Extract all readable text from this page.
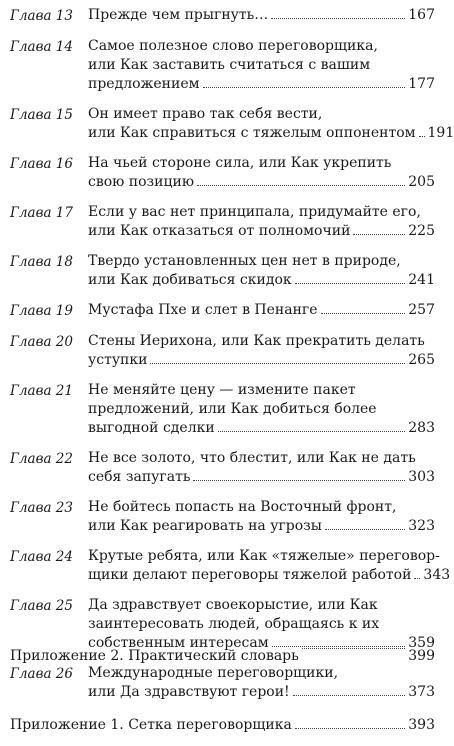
Глава 13	Прежде чем прыгнуть…	167
Глава 14	Самое полезное слово переговорщика,
или Как заставить считаться с вашим
предложением	177
Глава 15	Он имеет право так себя вести,
или Как справиться с тяжелым оппонентом 191
Глава 16	На чьей стороне сила, или Как укрепить
свою позицию	205
Глава 17	Если у вас нет принципала, придумайте его,
или Как отказаться от полномочий	225
Глава 18	Твердо установленных цен нет в природе,
или Как добиваться скидок	241
Глава 19	Мустафа Пхе и слет в Пенанге	257
Глава 20	Стены Иерихона, или Как прекратить делать
уступки	265
Глава 21	Не меняйте цену — измените пакет
предложений, или Как добиться более
выгодной сделки	283
Глава 22	Не все золото, что блестит, или Как не дать
себя запугать	303
Глава 23	Не бойтесь попасть на Восточный фронт,
или Как реагировать на угрозы	323
Глава 24	Крутые ребята, или Как «тяжелые» переговор-
щики делают переговоры тяжелой работой 343
Глава 25	Да здравствует своекорыстие, или Как
заинтересовать людей, обращаясь к их
собственным интересам	359
Глава 26	Международные переговорщики,
или Да здравствуют герои!	373
Приложение 1. Сетка переговорщика	393
Приложение 2. Практический словарь	399
